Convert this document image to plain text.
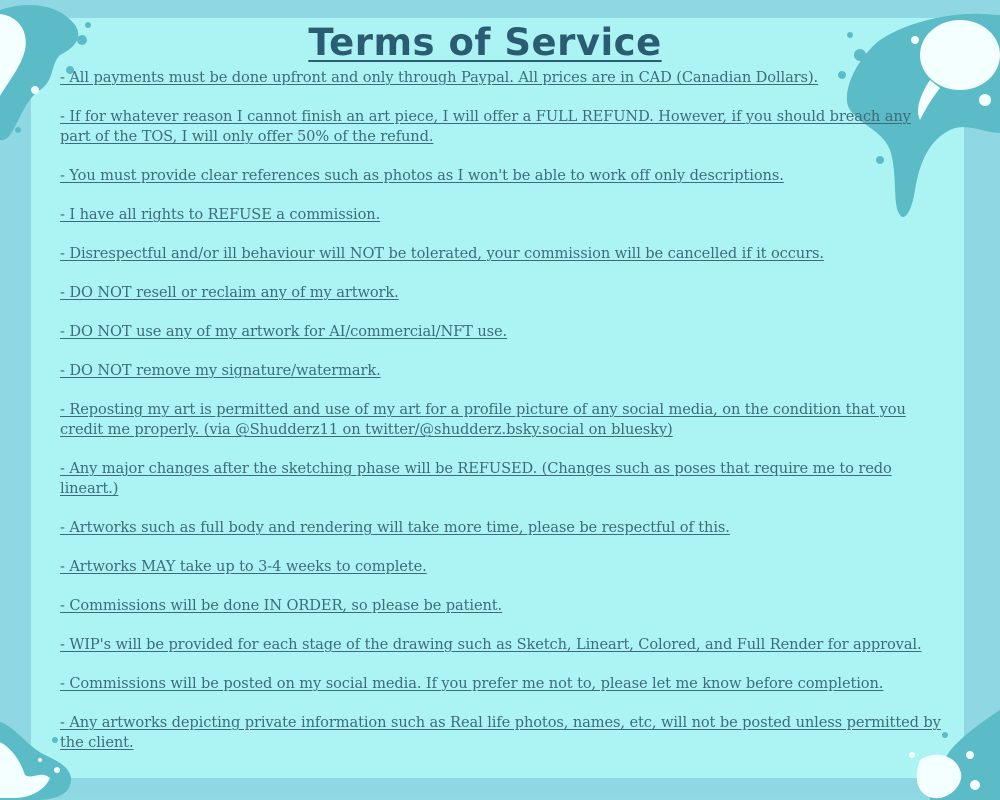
Terms of Service
- All payments must be done upfront and only through Paypal. All prices are in CAD (Canadian Dollars).
- If for whatever reason I cannot finish an art piece, I will offer a FULL REFUND. However, if you should breach any part of the TOS, I will only offer 50% of the refund.
- You must provide clear references such as photos as I won't be able to work off only descriptions.
- I have all rights to REFUSE a commission.
- Disrespectful and/or ill behaviour will NOT be tolerated, your commission will be cancelled if it occurs.
- DO NOT resell or reclaim any of my artwork.
- DO NOT use any of my artwork for AI/commercial/NFT use.
- DO NOT remove my signature/watermark.
- Reposting my art is permitted and use of my art for a profile picture of any social media, on the condition that you credit me properly. (via @Shudderz11 on twitter/@shudderz.bsky.social on bluesky)
- Any major changes after the sketching phase will be REFUSED. (Changes such as poses that require me to redo lineart.)
- Artworks such as full body and rendering will take more time, please be respectful of this.
- Artworks MAY take up to 3-4 weeks to complete.
- Commissions will be done IN ORDER, so please be patient.
- WIP's will be provided for each stage of the drawing such as Sketch, Lineart, Colored, and Full Render for approval.
- Commissions will be posted on my social media. If you prefer me not to, please let me know before completion.
- Any artworks depicting private information such as Real life photos, names, etc, will not be posted unless permitted by the client.
